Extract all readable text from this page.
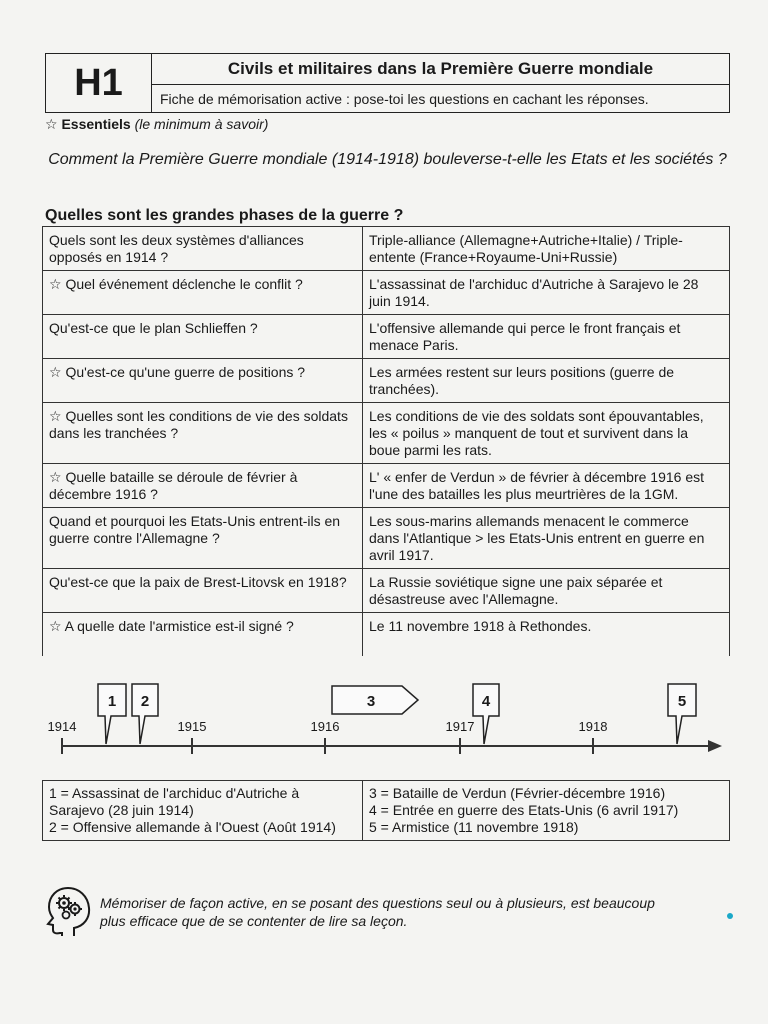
H1	Civils et militaires dans la Première Guerre mondiale
Fiche de mémorisation active : pose-toi les questions en cachant les réponses.
☆ Essentiels (le minimum à savoir)
Comment la Première Guerre mondiale (1914-1918) bouleverse-t-elle les Etats et les sociétés ?
Quelles sont les grandes phases de la guerre ?
Quels sont les deux systèmes d'alliances opposés en 1914 ?	Triple-alliance (Allemagne+Autriche+Italie) / Triple-entente (France+Royaume-Uni+Russie)
☆ Quel événement déclenche le conflit ?	L'assassinat de l'archiduc d'Autriche à Sarajevo le 28 juin 1914.
Qu'est-ce que le plan Schlieffen ?	L'offensive allemande qui perce le front français et menace Paris.
☆ Qu'est-ce qu'une guerre de positions ?	Les armées restent sur leurs positions (guerre de tranchées).
☆ Quelles sont les conditions de vie des soldats dans les tranchées ?	Les conditions de vie des soldats sont épouvantables, les « poilus » manquent de tout et survivent dans la boue parmi les rats.
☆ Quelle bataille se déroule de février à décembre 1916 ?	L' « enfer de Verdun » de février à décembre 1916 est l'une des batailles les plus meurtrières de la 1GM.
Quand et pourquoi les Etats-Unis entrent-ils en guerre contre l'Allemagne ?	Les sous-marins allemands menacent le commerce dans l'Atlantique > les Etats-Unis entrent en guerre en avril 1917.
Qu'est-ce que la paix de Brest-Litovsk en 1918?	La Russie soviétique signe une paix séparée et désastreuse avec l'Allemagne.
☆ A quelle date l'armistice est-il signé ?	Le 11 novembre 1918 à Rethondes.
1914	1915	1916	1917	1918
1 2	4	5
3
1 = Assassinat de l'archiduc d'Autriche à Sarajevo (28 juin 1914)
2 = Offensive allemande à l'Ouest (Août 1914)

3 = Bataille de Verdun (Février-décembre 1916)
4 = Entrée en guerre des Etats-Unis (6 avril 1917)
5 = Armistice (11 novembre 1918)
Mémoriser de façon active, en se posant des questions seul ou à plusieurs, est beaucoup plus efficace que de se contenter de lire sa leçon.
